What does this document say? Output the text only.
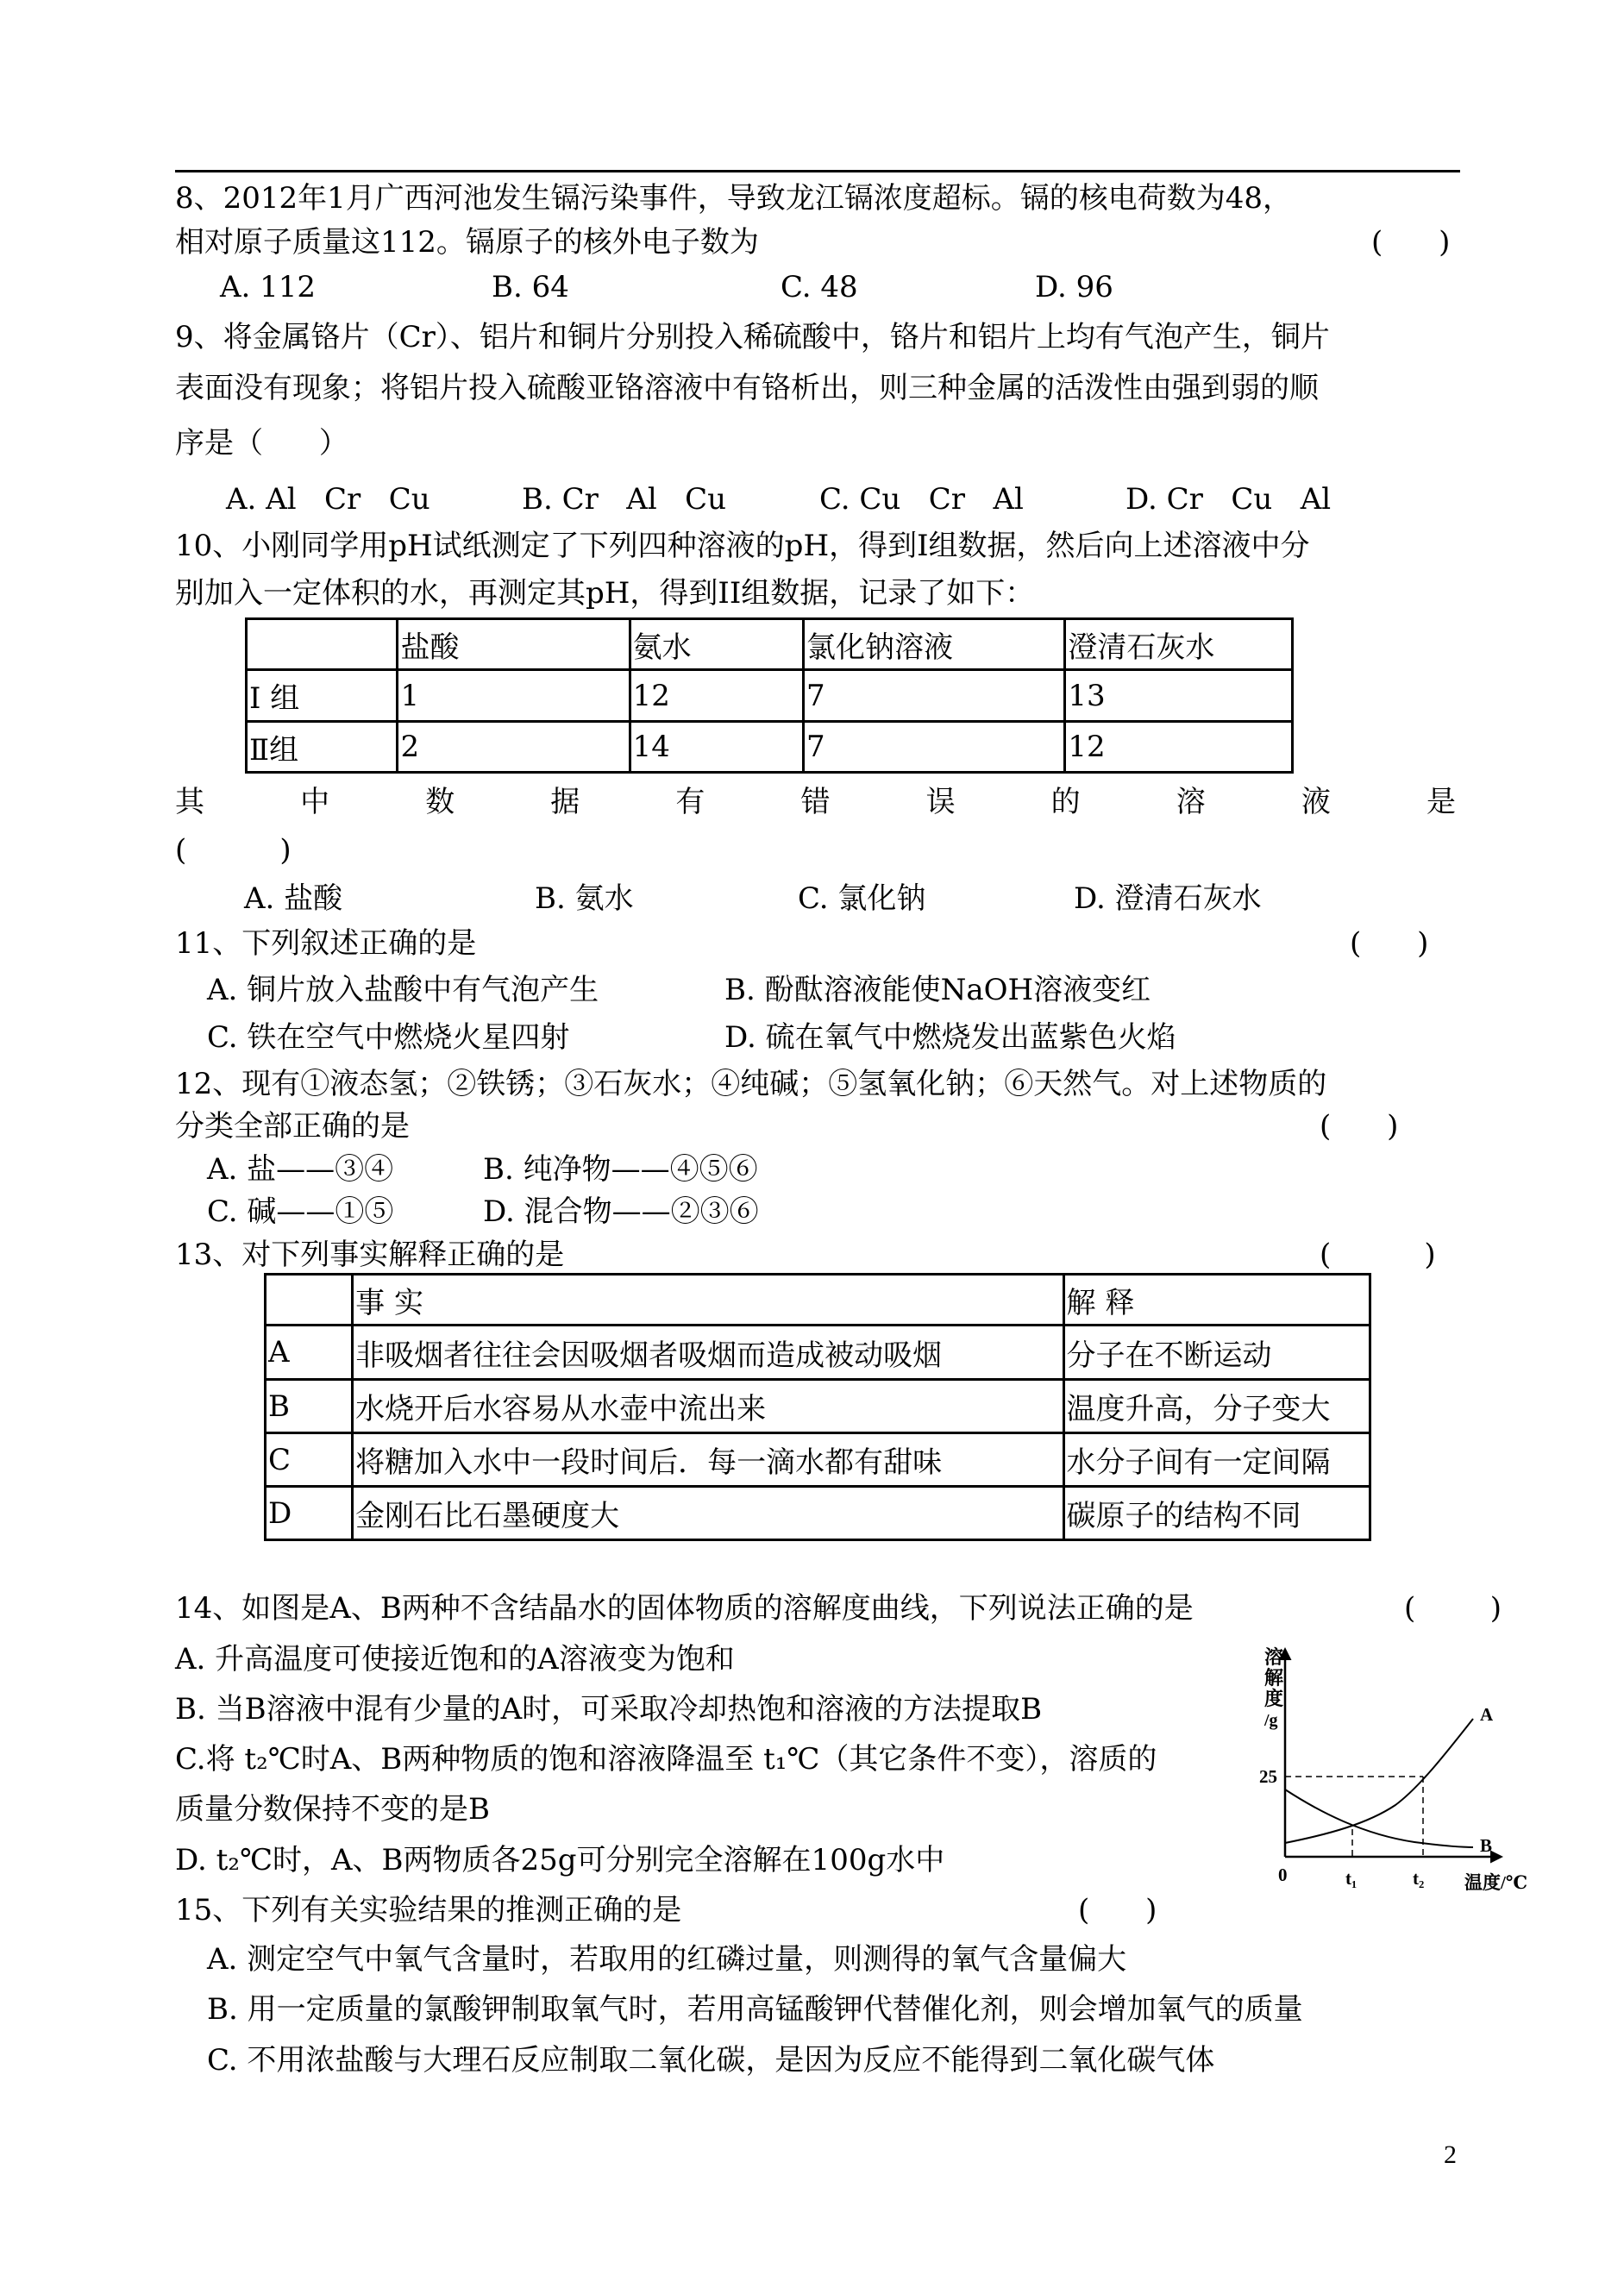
8、2012年1月广西河池发生镉污染事件，导致龙江镉浓度超标。镉的核电荷数为48，
相对原子质量这112。镉原子的核外电子数为	(      )
A. 112	B. 64	C. 48	D. 96
9、将金属铬片（Cr）、铝片和铜片分别投入稀硫酸中，铬片和铝片上均有气泡产生，铜片
表面没有现象；将铝片投入硫酸亚铬溶液中有铬析出，则三种金属的活泼性由强到弱的顺
序是（      ）
A. Al   Cr   Cu	B. Cr   Al   Cu	C. Cu   Cr   Al	D. Cr   Cu   Al
10、小刚同学用pH试纸测定了下列四种溶液的pH，得到I组数据，然后向上述溶液中分
别加入一定体积的水，再测定其pH，得到II组数据，记录了如下：
	盐酸	氨水	氯化钠溶液	澄清石灰水
I 组	1	12	7	13
Ⅱ组	2	14	7	12
其	中	数	据	有	错	误	的	溶	液	是
(          )
A. 盐酸	B. 氨水	C. 氯化钠	D. 澄清石灰水
11、下列叙述正确的是	(      )
A. 铜片放入盐酸中有气泡产生	B. 酚酞溶液能使NaOH溶液变红
C. 铁在空气中燃烧火星四射	D. 硫在氧气中燃烧发出蓝紫色火焰
12、现有①液态氢；②铁锈；③石灰水；④纯碱；⑤氢氧化钠；⑥天然气。对上述物质的
分类全部正确的是	(      )
A. 盐——③④	B. 纯净物——④⑤⑥
C. 碱——①⑤	D. 混合物——②③⑥
13、对下列事实解释正确的是	(          )
	事 实	解 释
A	非吸烟者往往会因吸烟者吸烟而造成被动吸烟	分子在不断运动
B	水烧开后水容易从水壶中流出来	温度升高，分子变大
C	将糖加入水中一段时间后．每一滴水都有甜味	水分子间有一定间隔
D	金刚石比石墨硬度大	碳原子的结构不同
14、如图是A、B两种不含结晶水的固体物质的溶解度曲线，下列说法正确的是	(        )
A. 升高温度可使接近饱和的A溶液变为饱和
B. 当B溶液中混有少量的A时，可采取冷却热饱和溶液的方法提取B
C.将 t₂℃时A、B两种物质的饱和溶液降温至 t₁℃（其它条件不变），溶质的
质量分数保持不变的是B
D. t₂℃时，A、B两物质各25g可分别完全溶解在100g水中
溶
解
度
/g
25
0	t₁	t₂ 温度/℃
A
B
15、下列有关实验结果的推测正确的是	(      )
A. 测定空气中氧气含量时，若取用的红磷过量，则测得的氧气含量偏大
B. 用一定质量的氯酸钾制取氧气时，若用高锰酸钾代替催化剂，则会增加氧气的质量
C. 不用浓盐酸与大理石反应制取二氧化碳，是因为反应不能得到二氧化碳气体
2
